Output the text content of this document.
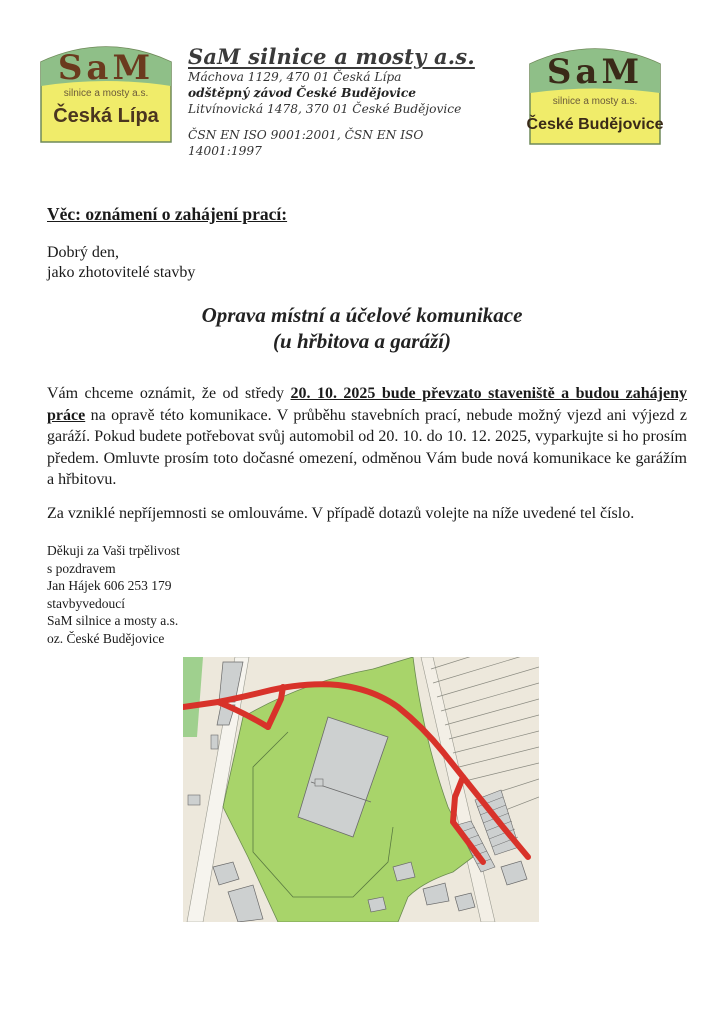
SaM
silnice a mosty a.s.
Česká Lípa
SaM
silnice a mosty a.s.
České Budějovice
SaM silnice a mosty a.s.
Máchova 1129, 470 01 Česká Lípa
odštěpný závod České Budějovice
Litvínovická 1478, 370 01 České Budějovice
ČSN EN ISO 9001:2001, ČSN EN ISO
14001:1997
Věc: oznámení o zahájení prací:
Dobrý den,
jako zhotovitelé stavby
Oprava místní a účelové komunikace
(u hřbitova a garáží)
Vám chceme oznámit, že od středy 20. 10. 2025 bude převzato staveniště a budou zahájeny práce na opravě této komunikace. V průběhu stavebních prací, nebude možný vjezd ani výjezd z garáží. Pokud budete potřebovat svůj automobil od 20. 10. do 10. 12. 2025, vyparkujte si ho prosím předem. Omluvte prosím toto dočasné omezení, odměnou Vám bude nová komunikace ke garážím a hřbitovu.
Za vzniklé nepříjemnosti se omlouváme. V případě dotazů volejte na níže uvedené tel číslo.
Děkuji za Vaši trpělivost
s pozdravem
Jan Hájek 606 253 179
stavbyvedoucí
SaM silnice a mosty a.s.
oz. České Budějovice
